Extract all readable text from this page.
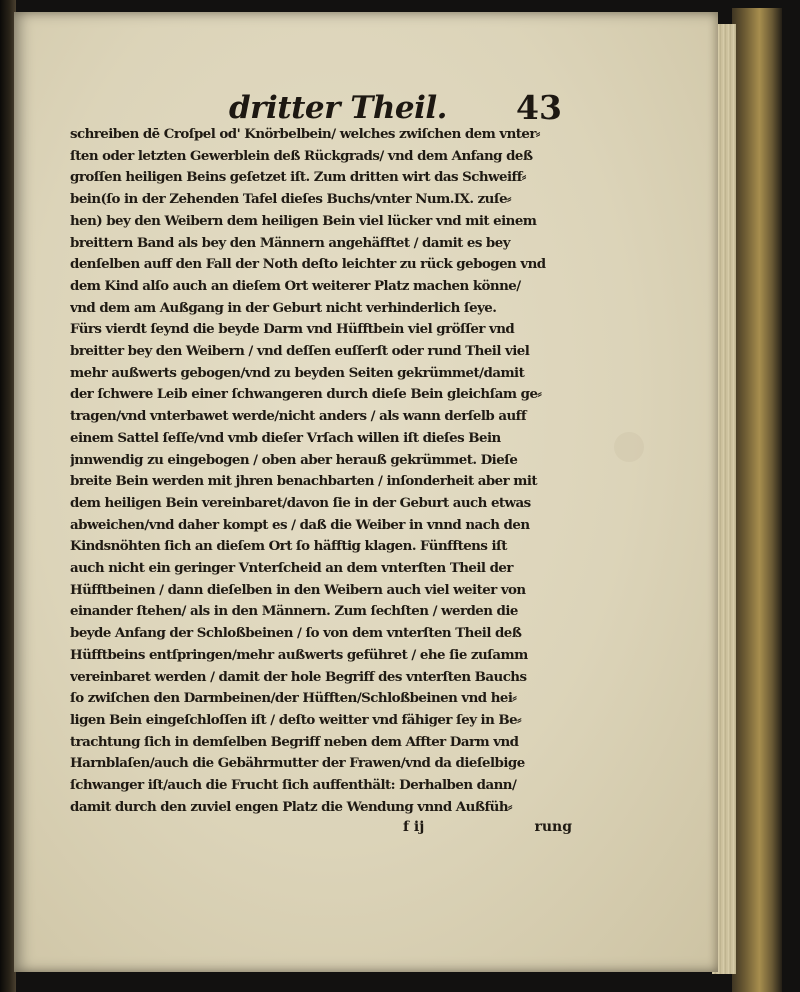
dritter Theil. 43
schreiben dē Croſpel od' Knörbelbein/ welches zwiſchen dem vnter⸗
ſten oder letzten Gewerblein deß Rückgrads/ vnd dem Anfang deß
groſſen heiligen Beins geſetzet iſt. Zum dritten wirt das Schweiff⸗
bein(ſo in der Zehenden Tafel dieſes Buchs/vnter Num.IX. zuſe⸗
hen) bey den Weibern dem heiligen Bein viel lücker vnd mit einem
breittern Band als bey den Männern angehäfftet / damit es bey
denſelben auff den Fall der Noth deſto leichter zu rück gebogen vnd
dem Kind alſo auch an dieſem Ort weiterer Platz machen könne/
vnd dem am Außgang in der Geburt nicht verhinderlich ſeye.
Fürs vierdt ſeynd die beyde Darm vnd Hüfftbein viel gröſſer vnd
breitter bey den Weibern / vnd deſſen euſſerſt oder rund Theil viel
mehr außwerts gebogen/vnd zu beyden Seiten gekrümmet/damit
der ſchwere Leib einer ſchwangeren durch dieſe Bein gleichſam ge⸗
tragen/vnd vnterbawet werde/nicht anders / als wann derſelb auff
einem Sattel ſeſſe/vnd vmb dieſer Vrſach willen iſt dieſes Bein
jnnwendig zu eingebogen / oben aber herauß gekrümmet. Dieſe
breite Bein werden mit jhren benachbarten / inſonderheit aber mit
dem heiligen Bein vereinbaret/davon ſie in der Geburt auch etwas
abweichen/vnd daher kompt es / daß die Weiber in vnnd nach den
Kindsnöhten ſich an dieſem Ort ſo häfftig klagen. Fünfftens iſt
auch nicht ein geringer Vnterſcheid an dem vnterſten Theil der
Hüfftbeinen / dann dieſelben in den Weibern auch viel weiter von
einander ſtehen/ als in den Männern. Zum ſechſten / werden die
beyde Anfang der Schloßbeinen / ſo von dem vnterſten Theil deß
Hüfftbeins entſpringen/mehr außwerts geführet / ehe ſie zuſamm
vereinbaret werden / damit der hole Begriff des vnterſten Bauchs
ſo zwiſchen den Darmbeinen/der Hüfften/Schloßbeinen vnd hei⸗
ligen Bein eingeſchloſſen iſt / deſto weitter vnd fähiger ſey in Be⸗
trachtung ſich in demſelben Begriff neben dem Affter Darm vnd
Harnblaſen/auch die Gebährmutter der Frawen/vnd da dieſelbige
ſchwanger iſt/auch die Frucht ſich auffenthält: Derhalben dann/
damit durch den zuviel engen Platz die Wendung vnnd Außfüh⸗
f ij	rung
